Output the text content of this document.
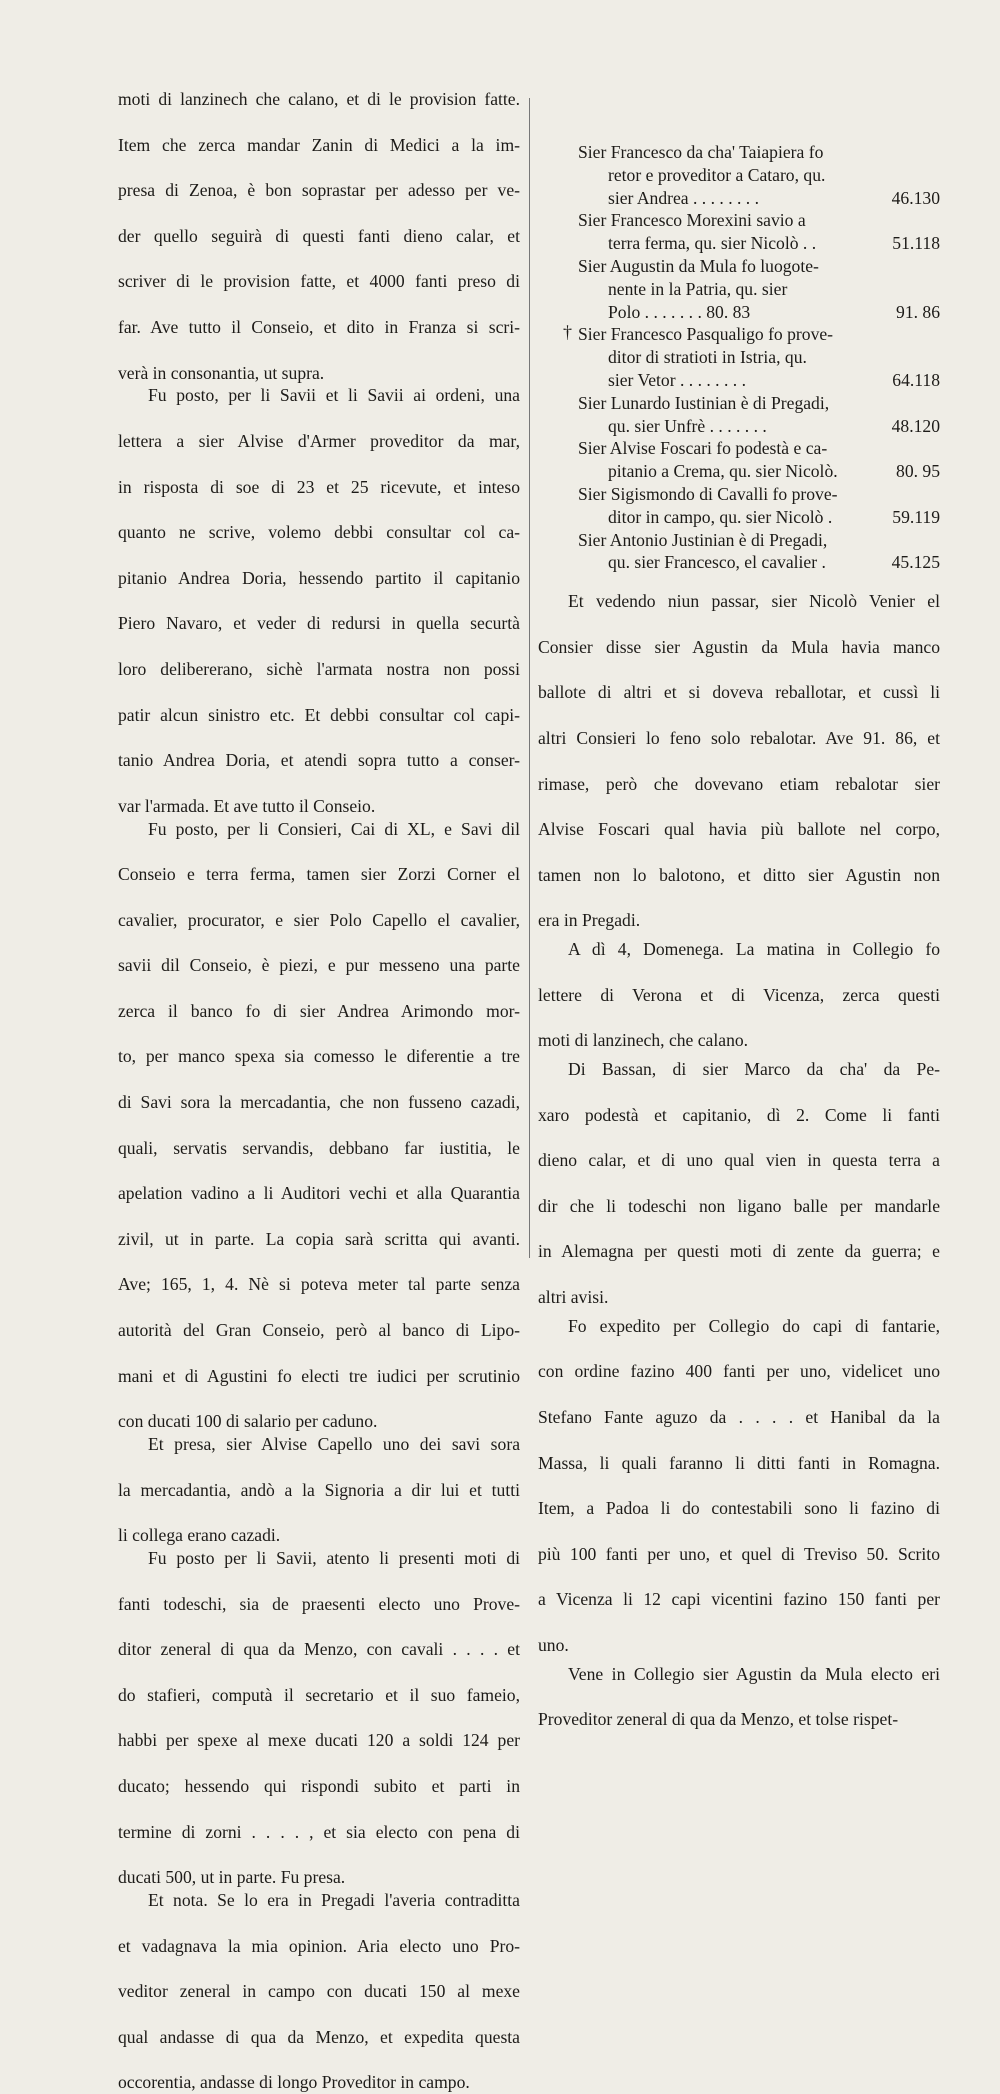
moti di lanzinech che calano, et di le provision fatte.

Item che zerca mandar Zanin di Medici a la im-

presa di Zenoa, è bon soprastar per adesso per ve-

der quello seguirà di questi fanti dieno calar, et

scriver di le provision fatte, et 4000 fanti preso di

far. Ave tutto il Conseio, et dito in Franza si scri-

verà in consonantia, ut supra.

Fu posto, per li Savii et li Savii ai ordeni, una

lettera a sier Alvise d'Armer proveditor da mar,

in risposta di soe di 23 et 25 ricevute, et inteso

quanto ne scrive, volemo debbi consultar col ca-

pitanio Andrea Doria, hessendo partito il capitanio

Piero Navaro, et veder di redursi in quella securtà

loro delibererano, sichè l'armata nostra non possi

patir alcun sinistro etc. Et debbi consultar col capi-

tanio Andrea Doria, et atendi sopra tutto a conser-

var l'armada. Et ave tutto il Conseio.

Fu posto, per li Consieri, Cai di XL, e Savi dil

Conseio e terra ferma, tamen sier Zorzi Corner el

cavalier, procurator, e sier Polo Capello el cavalier,

savii dil Conseio, è piezi, e pur messeno una parte

zerca il banco fo di sier Andrea Arimondo mor-

to, per manco spexa sia comesso le diferentie a tre

di Savi sora la mercadantia, che non fusseno cazadi,

quali, servatis servandis, debbano far iustitia, le

apelation vadino a li Auditori vechi et alla Quarantia

zivil, ut in parte. La copia sarà scritta qui avanti.

Ave; 165, 1, 4. Nè si poteva meter tal parte senza

autorità del Gran Conseio, però al banco di Lipo-

mani et di Agustini fo electi tre iudici per scrutinio

con ducati 100 di salario per caduno.

Et presa, sier Alvise Capello uno dei savi sora

la mercadantia, andò a la Signoria a dir lui et tutti

li collega erano cazadi.

Fu posto per li Savii, atento li presenti moti di

fanti todeschi, sia de praesenti electo uno Prove-

ditor zeneral di qua da Menzo, con cavali . . . . et

do stafieri, computà il secretario et il suo fameio,

habbi per spexe al mexe ducati 120 a soldi 124 per

ducato; hessendo qui rispondi subito et parti in

termine di zorni . . . . , et sia electo con pena di

ducati 500, ut in parte. Fu presa.

Et nota. Se lo era in Pregadi l'averia contraditta

et vadagnava la mia opinion. Aria electo uno Pro-

veditor zeneral in campo con ducati 150 al mexe

qual andasse di qua da Menzo, et expedita questa

occorentia, andasse di longo Proveditor in campo.

Sier Francesco da cha' Taiapiera fo
retor e proveditor a Cataro, qu.
sier Andrea . . . . . . . .	46.130
Sier Francesco Morexini savio a
terra ferma, qu. sier Nicolò . .	51.118
Sier Augustin da Mula fo luogote-
nente in la Patria, qu. sier
Polo . . . . . . . 80. 83	91. 86
Sier Francesco Pasqualigo fo prove-
ditor di stratioti in Istria, qu.
sier Vetor . . . . . . . .	64.118
Sier Lunardo Iustinian è di Pregadi,
qu. sier Unfrè . . . . . . .	48.120
Sier Alvise Foscari fo podestà e ca-
pitanio a Crema, qu. sier Nicolò.	80. 95
Sier Sigismondo di Cavalli fo prove-
ditor in campo, qu. sier Nicolò .	59.119
Sier Antonio Justinian è di Pregadi,
qu. sier Francesco, el cavalier .	45.125

Et vedendo niun passar, sier Nicolò Venier el

Consier disse sier Agustin da Mula havia manco

ballote di altri et si doveva reballotar, et cussì li

altri Consieri lo feno solo rebalotar. Ave 91. 86, et

rimase, però che dovevano etiam rebalotar sier

Alvise Foscari qual havia più ballote nel corpo,

tamen non lo balotono, et ditto sier Agustin non

era in Pregadi.

A dì 4, Domenega. La matina in Collegio fo

lettere di Verona et di Vicenza, zerca questi

moti di lanzinech, che calano.

Di Bassan, di sier Marco da cha' da Pe-

xaro podestà et capitanio, dì 2. Come li fanti

dieno calar, et di uno qual vien in questa terra a

dir che li todeschi non ligano balle per mandarle

in Alemagna per questi moti di zente da guerra; e

altri avisi.

Fo expedito per Collegio do capi di fantarie,

con ordine fazino 400 fanti per uno, videlicet uno

Stefano Fante aguzo da . . . . et Hanibal da la

Massa, li quali faranno li ditti fanti in Romagna.

Item, a Padoa li do contestabili sono li fazino di

più 100 fanti per uno, et quel di Treviso 50. Scrito

a Vicenza li 12 capi vicentini fazino 150 fanti per

uno.

Vene in Collegio sier Agustin da Mula electo eri

Proveditor zeneral di qua da Menzo, et tolse rispet-

†
